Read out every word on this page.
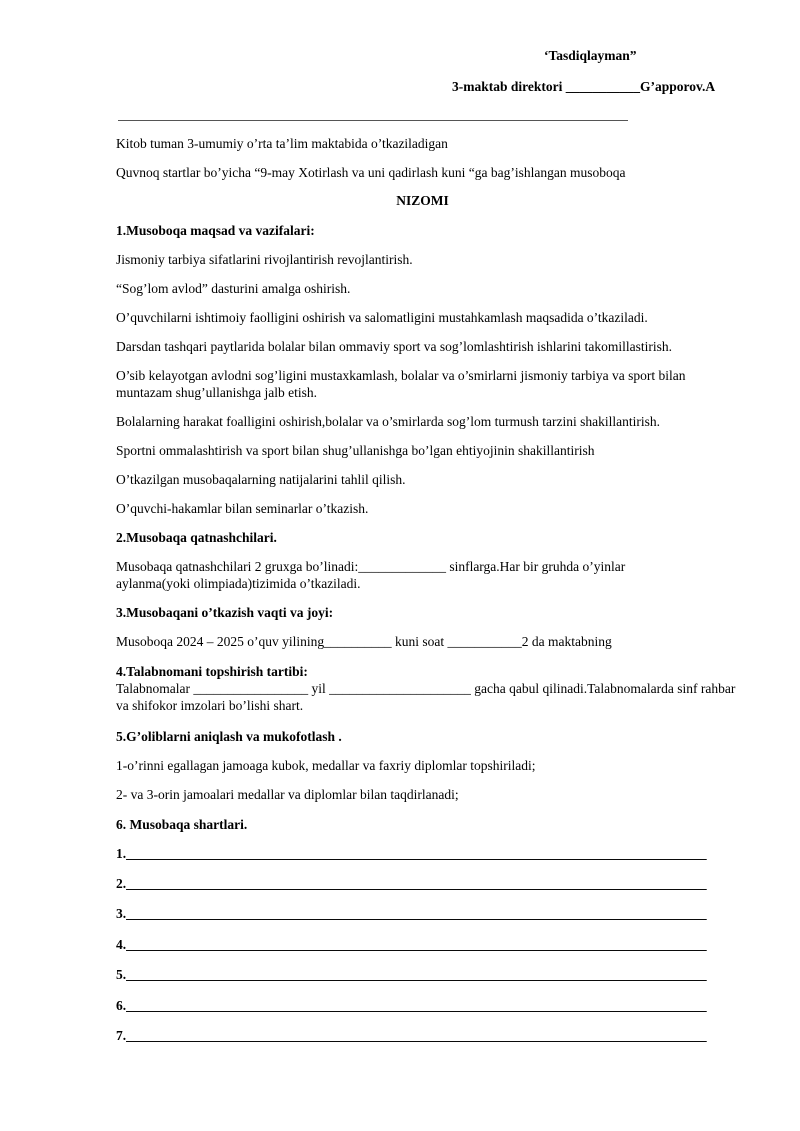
‘Tasdiqlayman”
3-maktab direktori ___________G’apporov.A
Kitob tuman 3-umumiy o’rta ta’lim maktabida o’tkaziladigan
Quvnoq startlar bo’yicha “9-may Xotirlash va uni qadirlash kuni “ga bag’ishlangan musoboqa
NIZOMI
1.Musoboqa maqsad va vazifalari:
Jismoniy tarbiya sifatlarini rivojlantirish revojlantirish.
“Sog’lom avlod” dasturini amalga oshirish.
O’quvchilarni ishtimoiy faolligini oshirish va salomatligini mustahkamlash maqsadida o’tkaziladi.
Darsdan tashqari paytlarida bolalar bilan ommaviy sport va sog’lomlashtirish ishlarini takomillastirish.
O’sib kelayotgan avlodni sog’ligini mustaxkamlash, bolalar va o’smirlarni jismoniy tarbiya va sport bilan muntazam shug’ullanishga jalb etish.
Bolalarning harakat foalligini oshirish,bolalar va o’smirlarda sog’lom turmush tarzini shakillantirish.
Sportni ommalashtirish va sport bilan shug’ullanishga bo’lgan ehtiyojinin shakillantirish
O’tkazilgan musobaqalarning natijalarini tahlil qilish.
O’quvchi-hakamlar bilan seminarlar o’tkazish.
2.Musobaqa qatnashchilari.
Musobaqa qatnashchilari 2 gruxga bo’linadi:_____________ sinflarga.Har bir gruhda o’yinlar aylanma(yoki olimpiada)tizimida o’tkaziladi.
3.Musobaqani o’tkazish vaqti va joyi:
Musoboqa 2024 – 2025 o’quv yilining__________ kuni soat ___________2 da maktabning
4.Talabnomani topshirish tartibi:
Talabnomalar _________________ yil _____________________ gacha qabul qilinadi.Talabnomalarda sinf rahbar va shifokor imzolari bo’lishi shart.
5.G’oliblarni aniqlash va mukofotlash .
1-o’rinni egallagan jamoaga kubok, medallar va faxriy diplomlar topshiriladi;
2- va 3-orin jamoalari medallar va diplomlar bilan taqdirlanadi;
6. Musobaqa shartlari.
1.______________________________________________________________________________________
2.______________________________________________________________________________________
3.______________________________________________________________________________________
4.______________________________________________________________________________________
5.______________________________________________________________________________________
6.______________________________________________________________________________________
7.______________________________________________________________________________________
